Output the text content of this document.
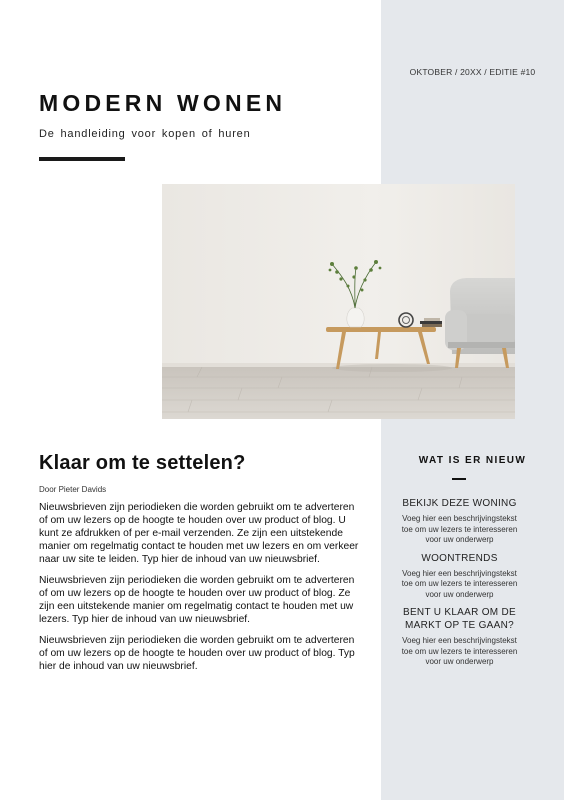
OKTOBER / 20XX / EDITIE #10
MODERN WONEN
De handleiding voor kopen of huren
Klaar om te settelen?
Door Pieter Davids

Nieuwsbrieven zijn periodieken die worden gebruikt om te adverteren of om uw lezers op de hoogte te houden over uw product of blog. U kunt ze afdrukken of per e-mail verzenden. Ze zijn een uitstekende manier om regelmatig contact te houden met uw lezers en om verkeer naar uw site te leiden. Typ hier de inhoud van uw nieuwsbrief.

Nieuwsbrieven zijn periodieken die worden gebruikt om te adverteren of om uw lezers op de hoogte te houden over uw product of blog. Ze zijn een uitstekende manier om regelmatig contact te houden met uw lezers. Typ hier de inhoud van uw nieuwsbrief.

Nieuwsbrieven zijn periodieken die worden gebruikt om te adverteren of om uw lezers op de hoogte te houden over uw product of blog. Typ hier de inhoud van uw nieuwsbrief.

WAT IS ER NIEUW
BEKIJK DEZE WONING
Voeg hier een beschrijvingstekst toe om uw lezers te interesseren voor uw onderwerp
WOONTRENDS
Voeg hier een beschrijvingstekst toe om uw lezers te interesseren voor uw onderwerp
BENT U KLAAR OM DE MARKT OP TE GAAN?
Voeg hier een beschrijvingstekst toe om uw lezers te interesseren voor uw onderwerp
